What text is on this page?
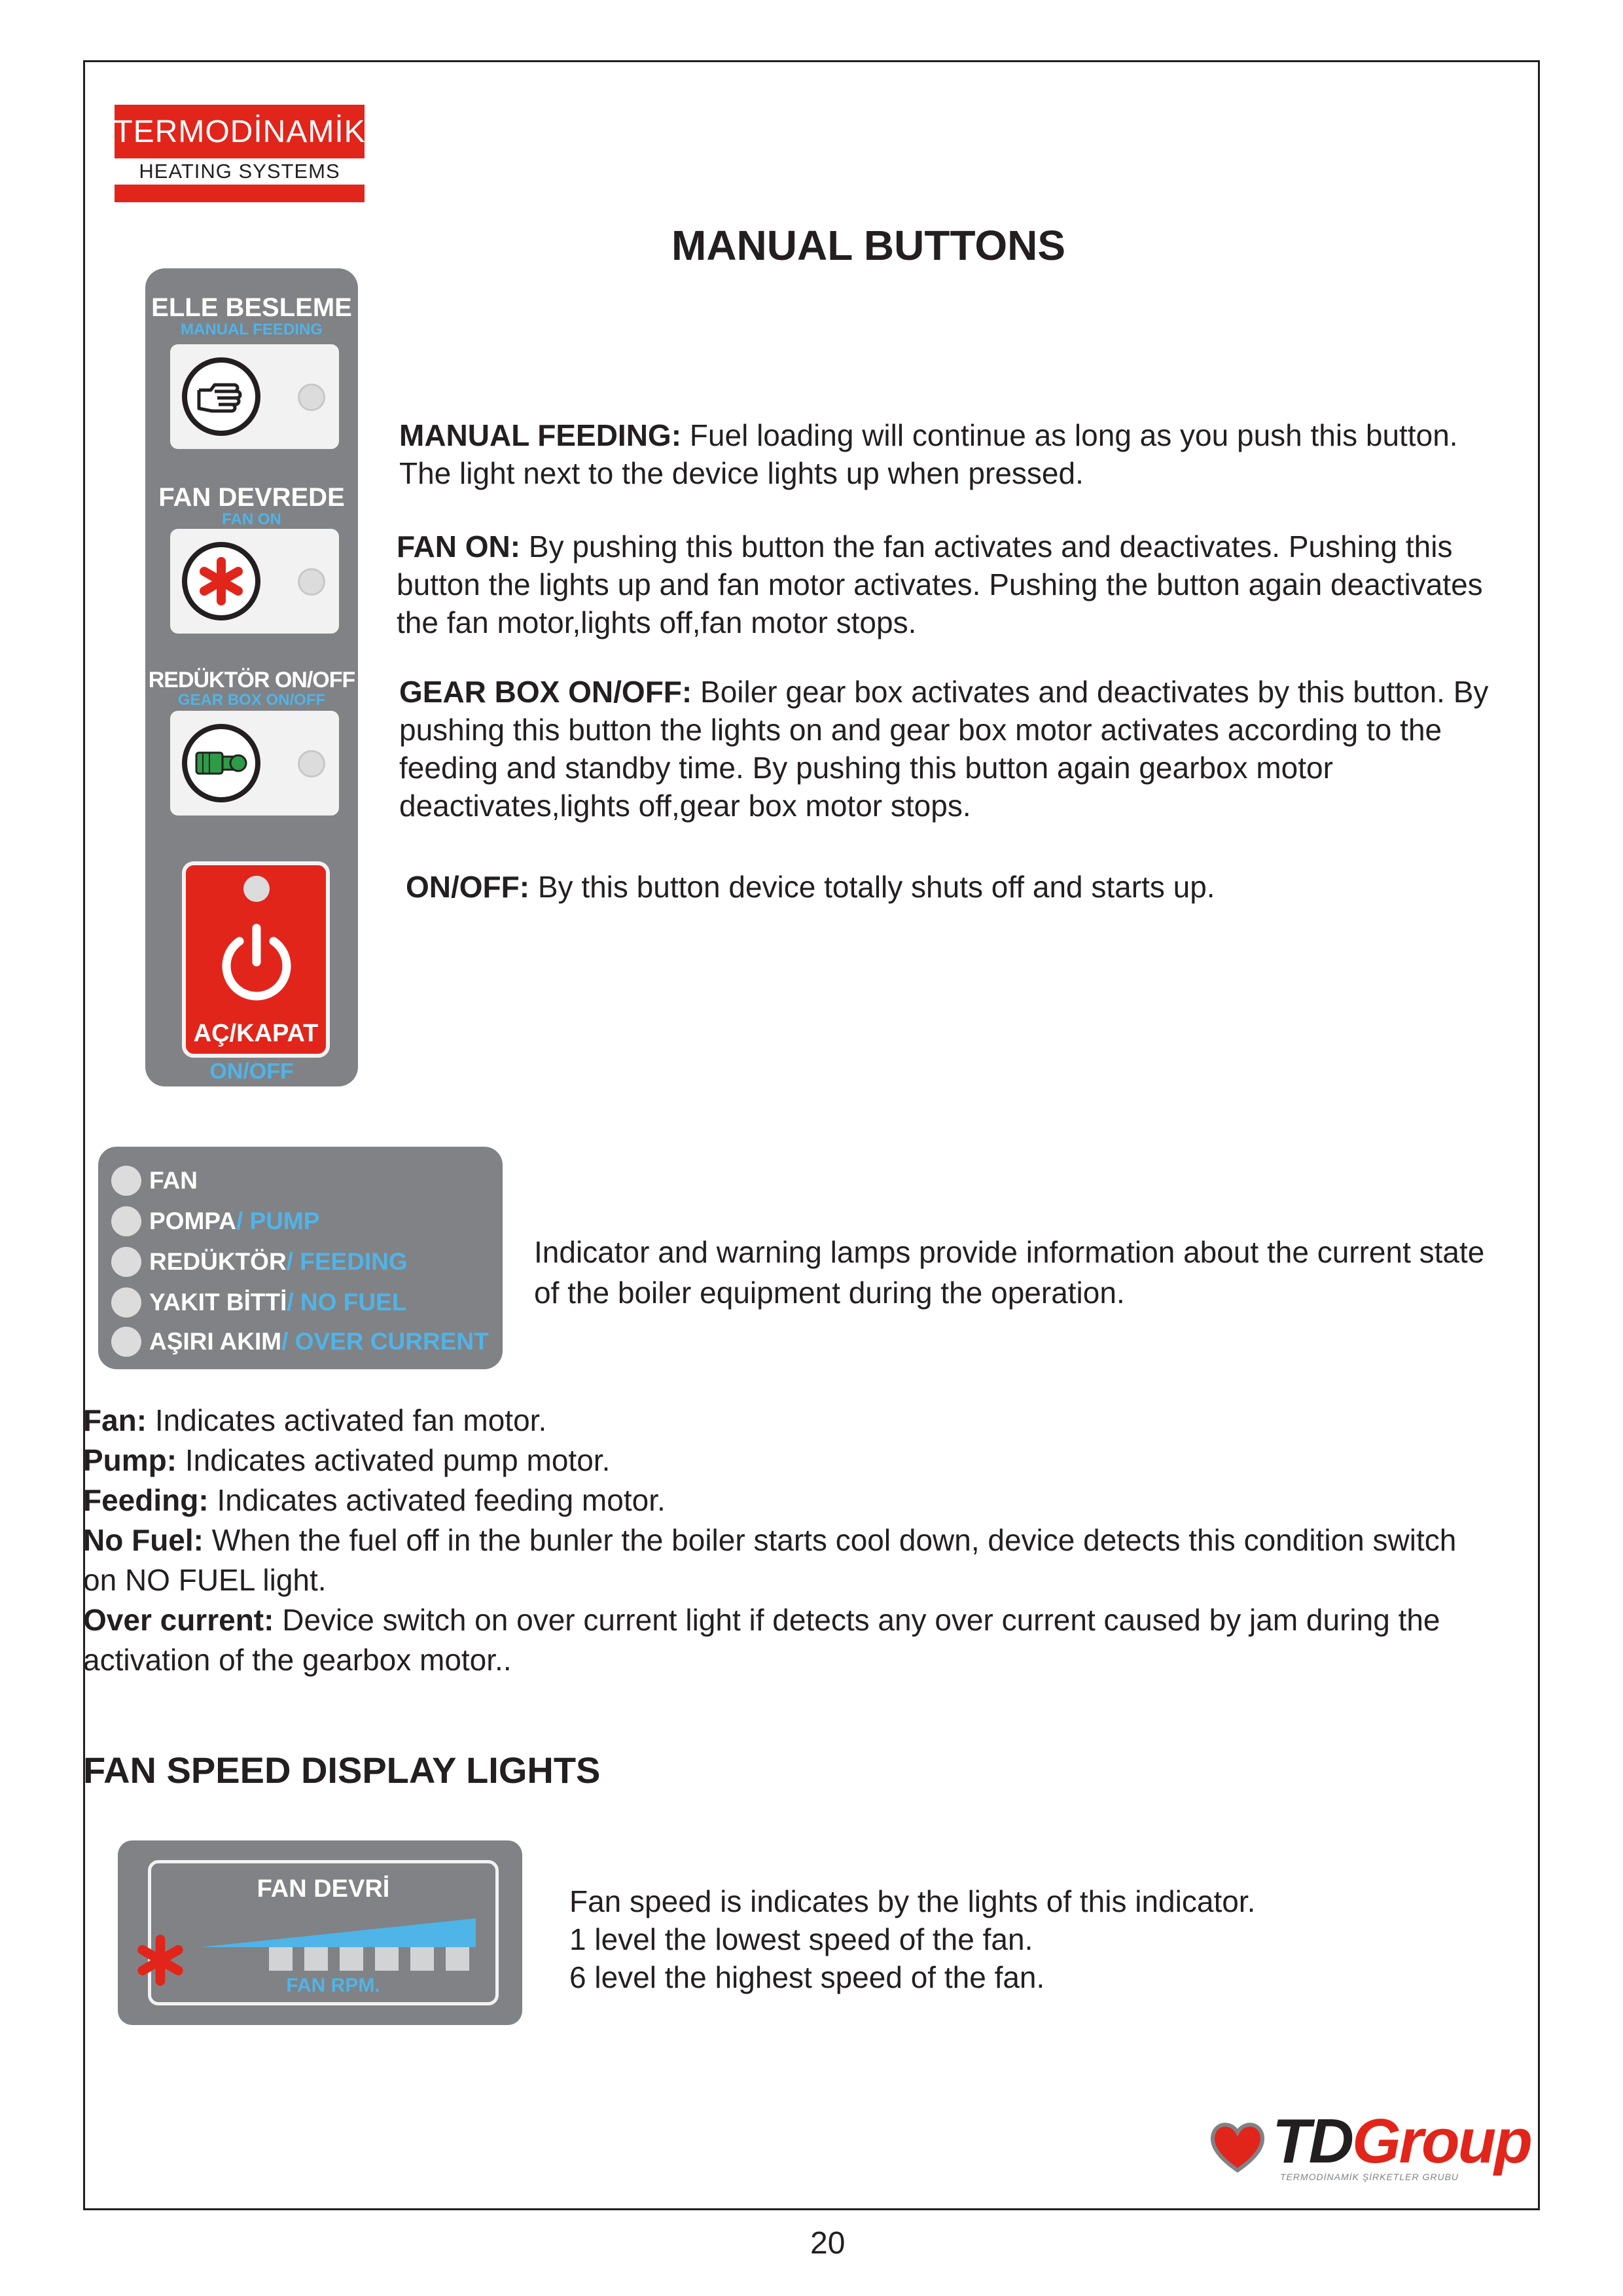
TERMODİNAMİK
HEATING SYSTEMS
MANUAL BUTTONS
ELLE BESLEME
MANUAL FEEDING
FAN DEVREDE
FAN ON
REDÜKTÖR ON/OFF
GEAR BOX ON/OFF
AÇ/KAPAT
ON/OFF
MANUAL FEEDING: Fuel loading will continue as long as you push this button. The light next to the device lights up when pressed.
FAN ON: By pushing this button the fan activates and deactivates. Pushing this button the lights up and fan motor activates. Pushing the button again deactivates the fan motor,lights off,fan motor stops.
GEAR BOX ON/OFF: Boiler gear box activates and deactivates by this button. By pushing this button the lights on and gear box motor activates according to the feeding and standby time. By pushing this button again gearbox motor deactivates,lights off,gear box motor stops.
ON/OFF: By this button device totally shuts off and starts up.
FAN
POMPA / PUMP
REDÜKTÖR / FEEDING
YAKIT BİTTİ / NO FUEL
AŞIRI AKIM / OVER CURRENT
Indicator and warning lamps provide information about the current state of the boiler equipment during the operation.
Fan: Indicates activated fan motor.
Pump: Indicates activated pump motor.
Feeding: Indicates activated feeding motor.
No Fuel: When the fuel off in the bunler the boiler starts cool down, device detects this condition switch on NO FUEL light.
Over current: Device switch on over current light if detects any over current caused by jam during the activation of the gearbox motor..
FAN SPEED DISPLAY LIGHTS
FAN DEVRİ
FAN RPM.
Fan speed is indicates by the lights of this indicator.
1 level the lowest speed of the fan.
6 level the highest speed of the fan.
TDGroup
TERMODİNAMİK ŞİRKETLER GRUBU
20
